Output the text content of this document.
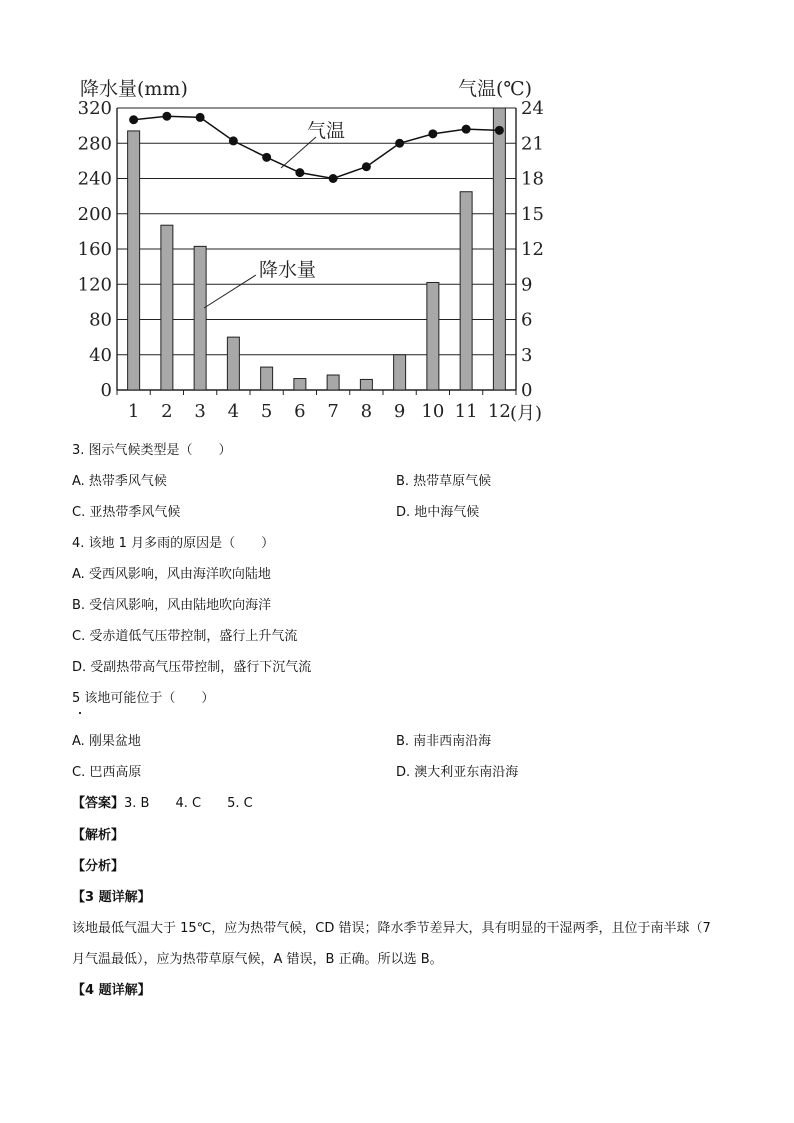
1 2 3 4 5 6 7 8 9 10 11 12
0
40
80
120
160
200
240
280
320
0
3
6
9
12
15
18
21
24
降水量(mm)	气温(℃)
(月)
气温
降水量
3. 图示气候类型是（　　）
A. 热带季风气候	B. 热带草原气候
C. 亚热带季风气候	D. 地中海气候
4. 该地 1 月多雨的原因是（　　）
A. 受西风影响，风由海洋吹向陆地
B. 受信风影响，风由陆地吹向海洋
C. 受赤道低气压带控制，盛行上升气流
D. 受副热带高气压带控制，盛行下沉气流
5 该地可能位于（　　）
A. 刚果盆地	B. 南非西南沿海
C. 巴西高原	D. 澳大利亚东南沿海
【答案】3. B　　4. C　　5. C
【解析】
【分析】
【3 题详解】
该地最低气温大于 15℃，应为热带气候，CD 错误；降水季节差异大，具有明显的干湿两季，且位于南半球（7 月气温最低），应为热带草原气候，A 错误，B 正确。所以选 B。
【4 题详解】
